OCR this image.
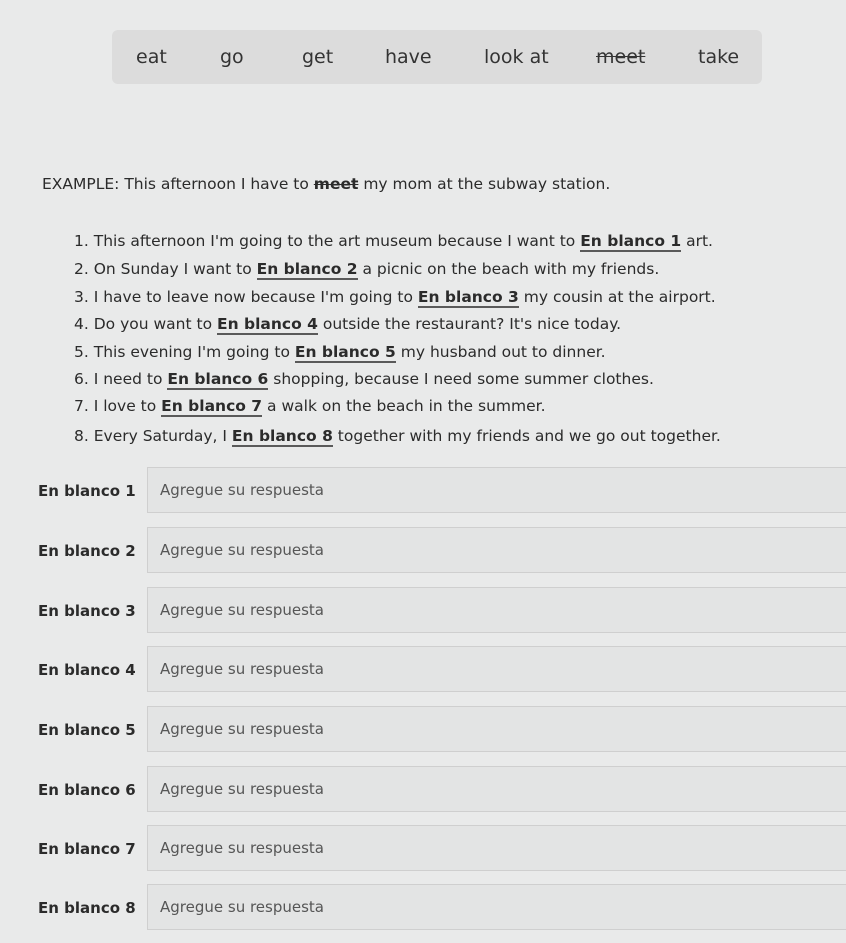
eat	go	get	have	look at meet	take
EXAMPLE: This afternoon I have to meet my mom at the subway station.
1. This afternoon I'm going to the art museum because I want to En blanco 1 art.
2. On Sunday I want to En blanco 2 a picnic on the beach with my friends.
3. I have to leave now because I'm going to En blanco 3 my cousin at the airport.
4. Do you want to En blanco 4 outside the restaurant? It's nice today.
5. This evening I'm going to En blanco 5 my husband out to dinner.
6. I need to En blanco 6 shopping, because I need some summer clothes.
7. I love to En blanco 7 a walk on the beach in the summer.
8. Every Saturday, I En blanco 8 together with my friends and we go out together.
En blanco 1
Agregue su respuesta
En blanco 2
Agregue su respuesta
En blanco 3
Agregue su respuesta
En blanco 4
Agregue su respuesta
En blanco 5
Agregue su respuesta
En blanco 6
Agregue su respuesta
En blanco 7
Agregue su respuesta
En blanco 8
Agregue su respuesta
